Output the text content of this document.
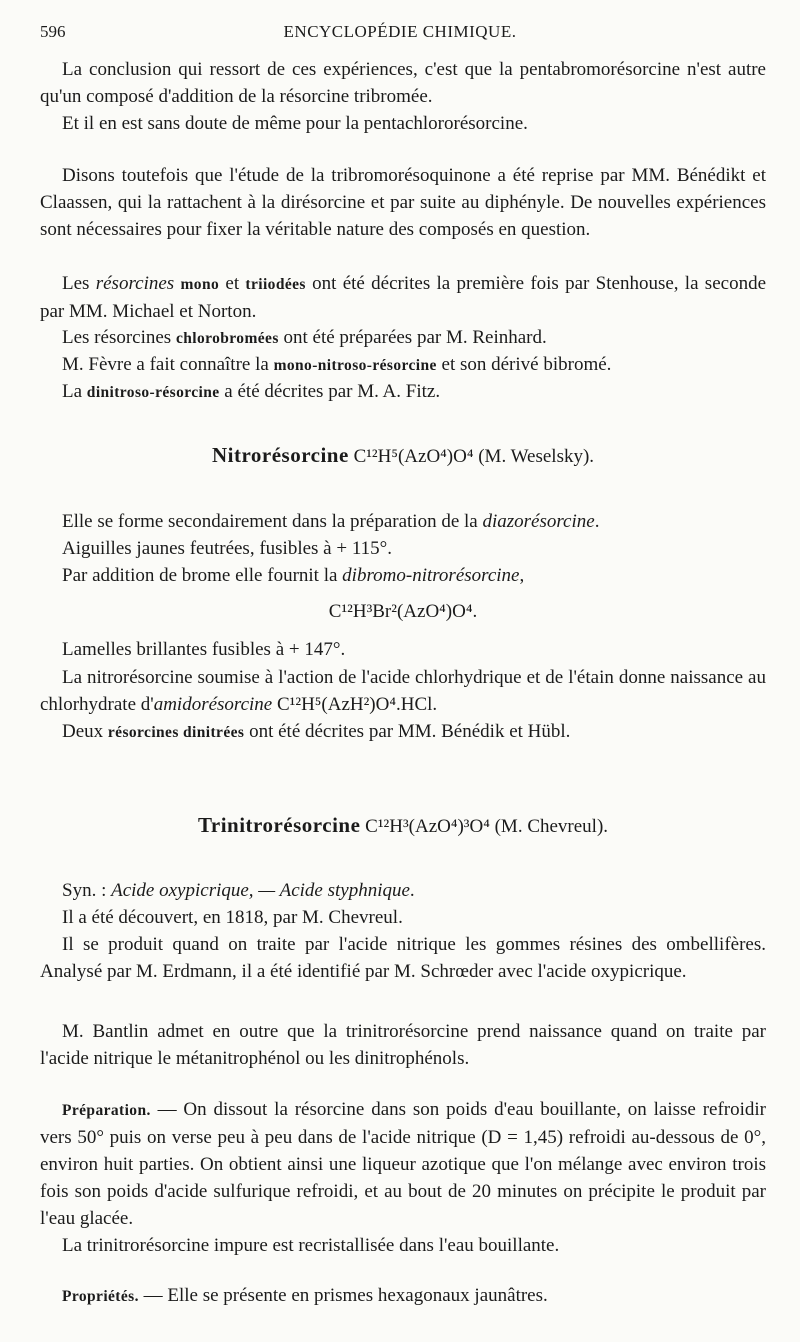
596	ENCYCLOPÉDIE CHIMIQUE.

La conclusion qui ressort de ces expériences, c'est que la pentabromorésorcine n'est autre qu'un composé d'addition de la résorcine tribromée.

Et il en est sans doute de même pour la pentachlororésorcine.

Disons toutefois que l'étude de la tribromorésoquinone a été reprise par MM. Bénédikt et Claassen, qui la rattachent à la dirésorcine et par suite au diphényle. De nouvelles expériences sont nécessaires pour fixer la véritable nature des composés en question.

Les résorcines mono et triiodées ont été décrites la première fois par Stenhouse, la seconde par MM. Michael et Norton.

Les résorcines chlorobromées ont été préparées par M. Reinhard.

M. Fèvre a fait connaître la mono-nitroso-résorcine et son dérivé bibromé.

La dinitroso-résorcine a été décrites par M. A. Fitz.

Nitrorésorcine C¹²H⁵(AzO⁴)O⁴ (M. Weselsky).

Elle se forme secondairement dans la préparation de la diazorésorcine.

Aiguilles jaunes feutrées, fusibles à + 115°.

Par addition de brome elle fournit la dibromo-nitrorésorcine,

C¹²H³Br²(AzO⁴)O⁴.

Lamelles brillantes fusibles à + 147°.

La nitrorésorcine soumise à l'action de l'acide chlorhydrique et de l'étain donne naissance au chlorhydrate d'amidorésorcine C¹²H⁵(AzH²)O⁴.HCl.

Deux résorcines dinitrées ont été décrites par MM. Bénédik et Hübl.

Trinitrorésorcine C¹²H³(AzO⁴)³O⁴ (M. Chevreul).

Syn. : Acide oxypicrique, — Acide styphnique.

Il a été découvert, en 1818, par M. Chevreul.

Il se produit quand on traite par l'acide nitrique les gommes résines des ombellifères. Analysé par M. Erdmann, il a été identifié par M. Schrœder avec l'acide oxypicrique.

M. Bantlin admet en outre que la trinitrorésorcine prend naissance quand on traite par l'acide nitrique le métanitrophénol ou les dinitrophénols.

Préparation. — On dissout la résorcine dans son poids d'eau bouillante, on laisse refroidir vers 50° puis on verse peu à peu dans de l'acide nitrique (D = 1,45) refroidi au-dessous de 0°, environ huit parties. On obtient ainsi une liqueur azotique que l'on mélange avec environ trois fois son poids d'acide sulfurique refroidi, et au bout de 20 minutes on précipite le produit par l'eau glacée.

La trinitrorésorcine impure est recristallisée dans l'eau bouillante.

Propriétés. — Elle se présente en prismes hexagonaux jaunâtres.
